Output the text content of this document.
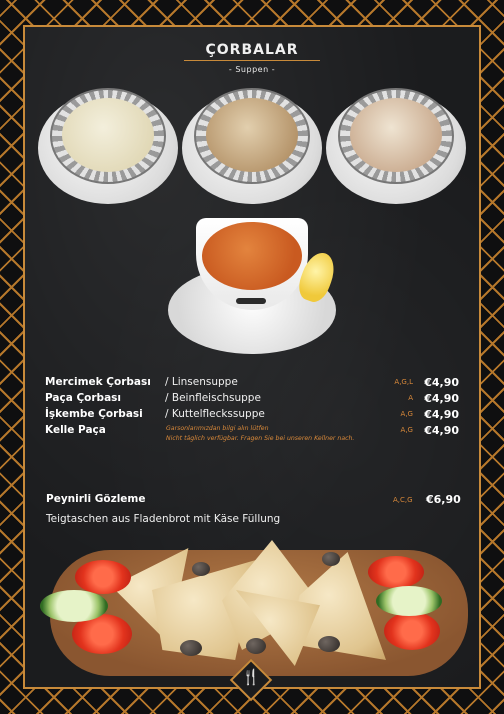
ÇORBALAR
- Suppen -
Mercimek Çorbası / Linsensuppe	A,G,L €4,90
Paça Çorbası	/ Beinfleischsuppe	A €4,90
İşkembe Çorbasi / Kuttelfleckssuppe	A,G €4,90
Kelle Paça	A,G €4,90
Garsonlarımızdan bilgi alın lütfen
Nicht täglich verfügbar. Fragen Sie bei unseren Kellner nach.
Peynirli Gözleme	A,C,G €6,90
Teigtaschen aus Fladenbrot mit Käse Füllung
🍴
